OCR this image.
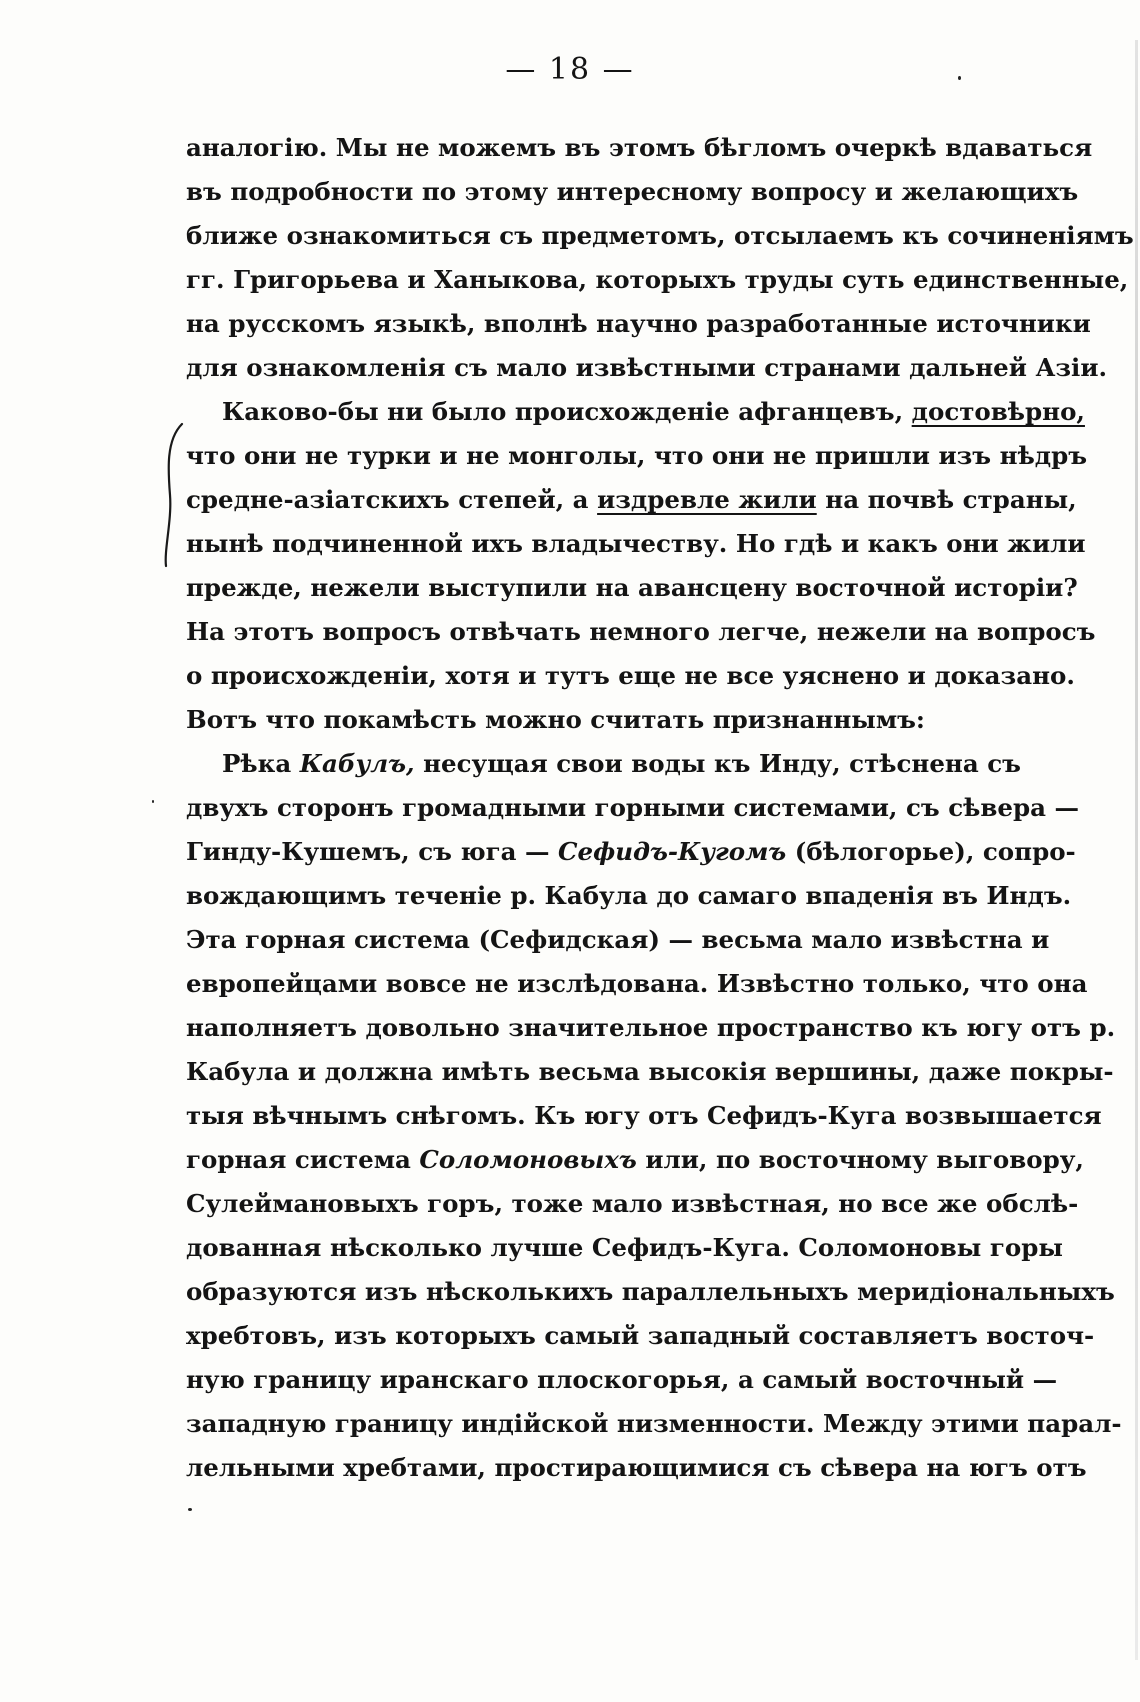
— 18 —
аналогію. Мы не можемъ въ этомъ бѣгломъ очеркѣ вдаваться
въ подробности по этому интересному вопросу и желающихъ
ближе ознакомиться съ предметомъ, отсылаемъ къ сочиненіямъ
гг. Григорьева и Ханыкова, которыхъ труды суть единственные,
на русскомъ языкѣ, вполнѣ научно разработанные источники
для ознакомленія съ мало извѣстными странами дальней Азіи.
Каково-бы ни было происхожденіе афганцевъ, достовѣрно,
что они не турки и не монголы, что они не пришли изъ нѣдръ
средне-азіатскихъ степей, а издревле жили на почвѣ страны,
нынѣ подчиненной ихъ владычеству. Но гдѣ и какъ они жили
прежде, нежели выступили на авансцену восточной исторіи?
На этотъ вопросъ отвѣчать немного легче, нежели на вопросъ
о происхожденіи, хотя и тутъ еще не все уяснено и доказано.
Вотъ что покамѣсть можно считать признаннымъ:
Рѣка Кабулъ, несущая свои воды къ Инду, стѣснена съ
двухъ сторонъ громадными горными системами, съ сѣвера —
Гинду-Кушемъ, съ юга — Сефидъ-Кугомъ (бѣлогорье), сопро-
вождающимъ теченіе р. Кабула до самаго впаденія въ Индъ.
Эта горная система (Сефидская) — весьма мало извѣстна и
европейцами вовсе не изслѣдована. Извѣстно только, что она
наполняетъ довольно значительное пространство къ югу отъ р.
Кабула и должна имѣть весьма высокія вершины, даже покры-
тыя вѣчнымъ снѣгомъ. Къ югу отъ Сефидъ-Куга возвышается
горная система Соломоновыхъ или, по восточному выговору,
Сулеймановыхъ горъ, тоже мало извѣстная, но все же обслѣ-
дованная нѣсколько лучше Сефидъ-Куга. Соломоновы горы
образуются изъ нѣсколькихъ параллельныхъ меридіональныхъ
хребтовъ, изъ которыхъ самый западный составляетъ восточ-
ную границу иранскаго плоскогорья, а самый восточный —
западную границу индійской низменности. Между этими парал-
лельными хребтами, простирающимися съ сѣвера на югъ отъ
